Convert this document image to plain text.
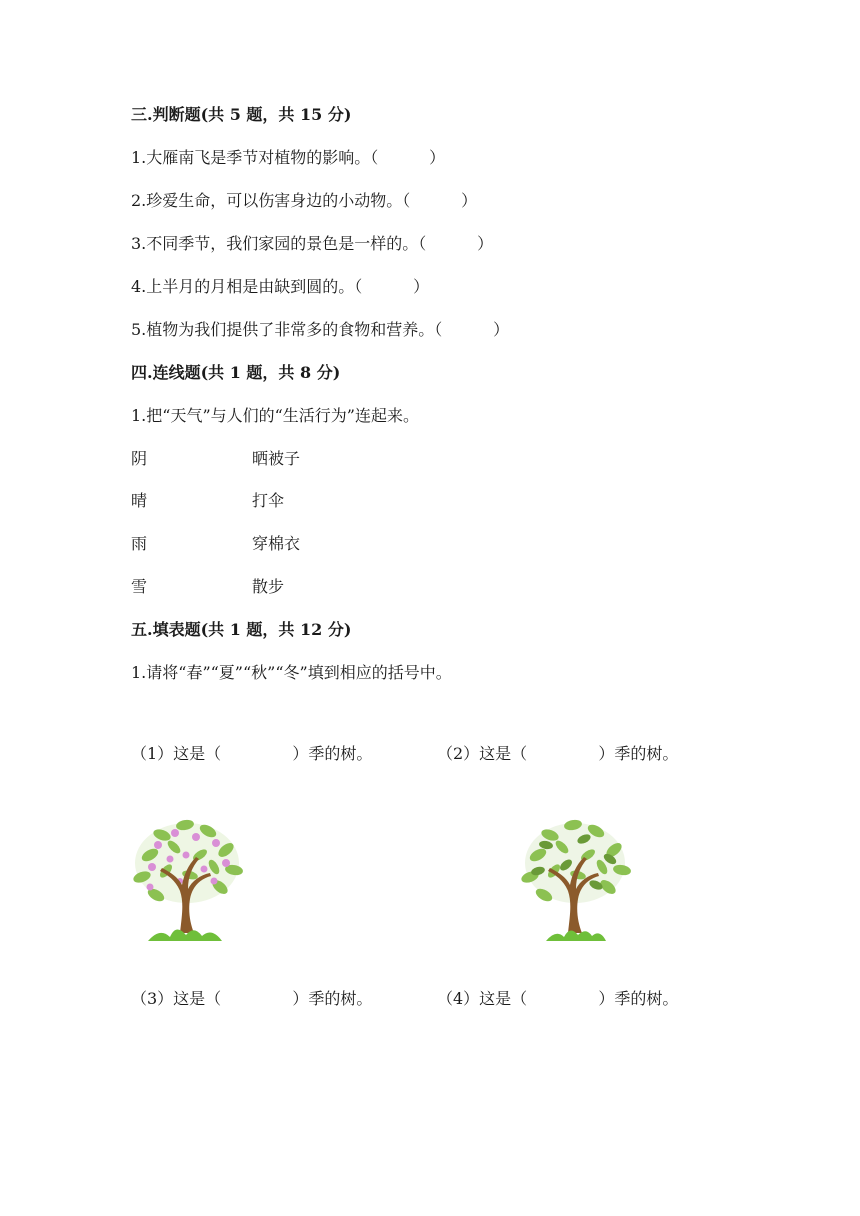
三.判断题(共 5 题，共 15 分)
1.大雁南飞是季节对植物的影响。（          ）
2.珍爱生命，可以伤害身边的小动物。（          ）
3.不同季节，我们家园的景色是一样的。（          ）
4.上半月的月相是由缺到圆的。（          ）
5.植物为我们提供了非常多的食物和营养。（          ）
四.连线题(共 1 题，共 8 分)
1.把“天气”与人们的“生活行为”连起来。
阴	晒被子
晴	打伞
雨	穿棉衣
雪	散步
五.填表题(共 1 题，共 12 分)
1.请将“春”“夏”“秋”“冬”填到相应的括号中。
（1）这是（              ）季的树。	（2）这是（              ）季的树。
（3）这是（              ）季的树。	（4）这是（              ）季的树。
